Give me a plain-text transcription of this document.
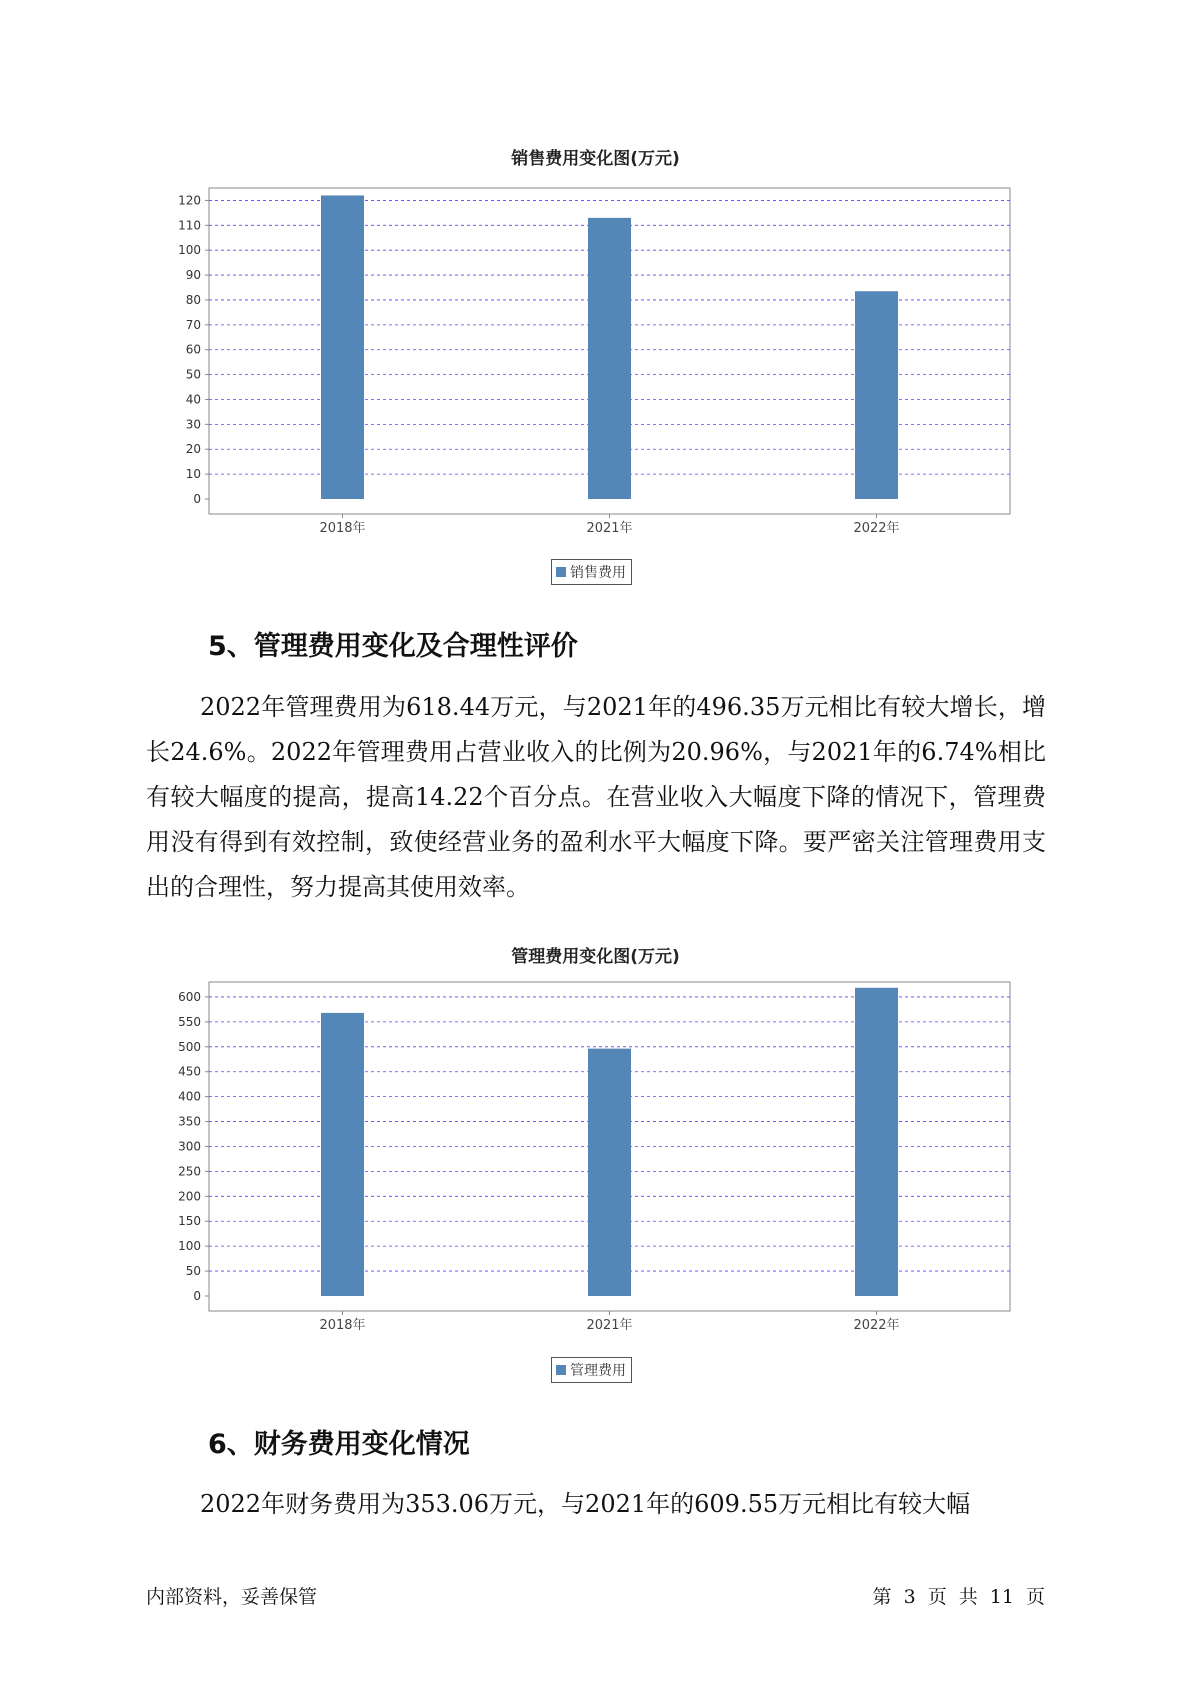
销售费用变化图(万元)
0
10
20
30
40
50
60
70
80
90
100
110
120
2018年	2021年	2022年
销售费用
5、管理费用变化及合理性评价

2022年管理费用为618.44万元，与2021年的496.35万元相比有较大增长，增长24.6%。2022年管理费用占营业收入的比例为20.96%，与2021年的6.74%相比有较大幅度的提高，提高14.22个百分点。在营业收入大幅度下降的情况下，管理费用没有得到有效控制，致使经营业务的盈利水平大幅度下降。要严密关注管理费用支出的合理性，努力提高其使用效率。

管理费用变化图(万元)
0
50
100
150
200
250
300
350
400
450
500
550
600
2018年	2021年	2022年
管理费用
6、财务费用变化情况

2022年财务费用为353.06万元，与2021年的609.55万元相比有较大幅

内部资料，妥善保管	第 3 页 共 11 页
